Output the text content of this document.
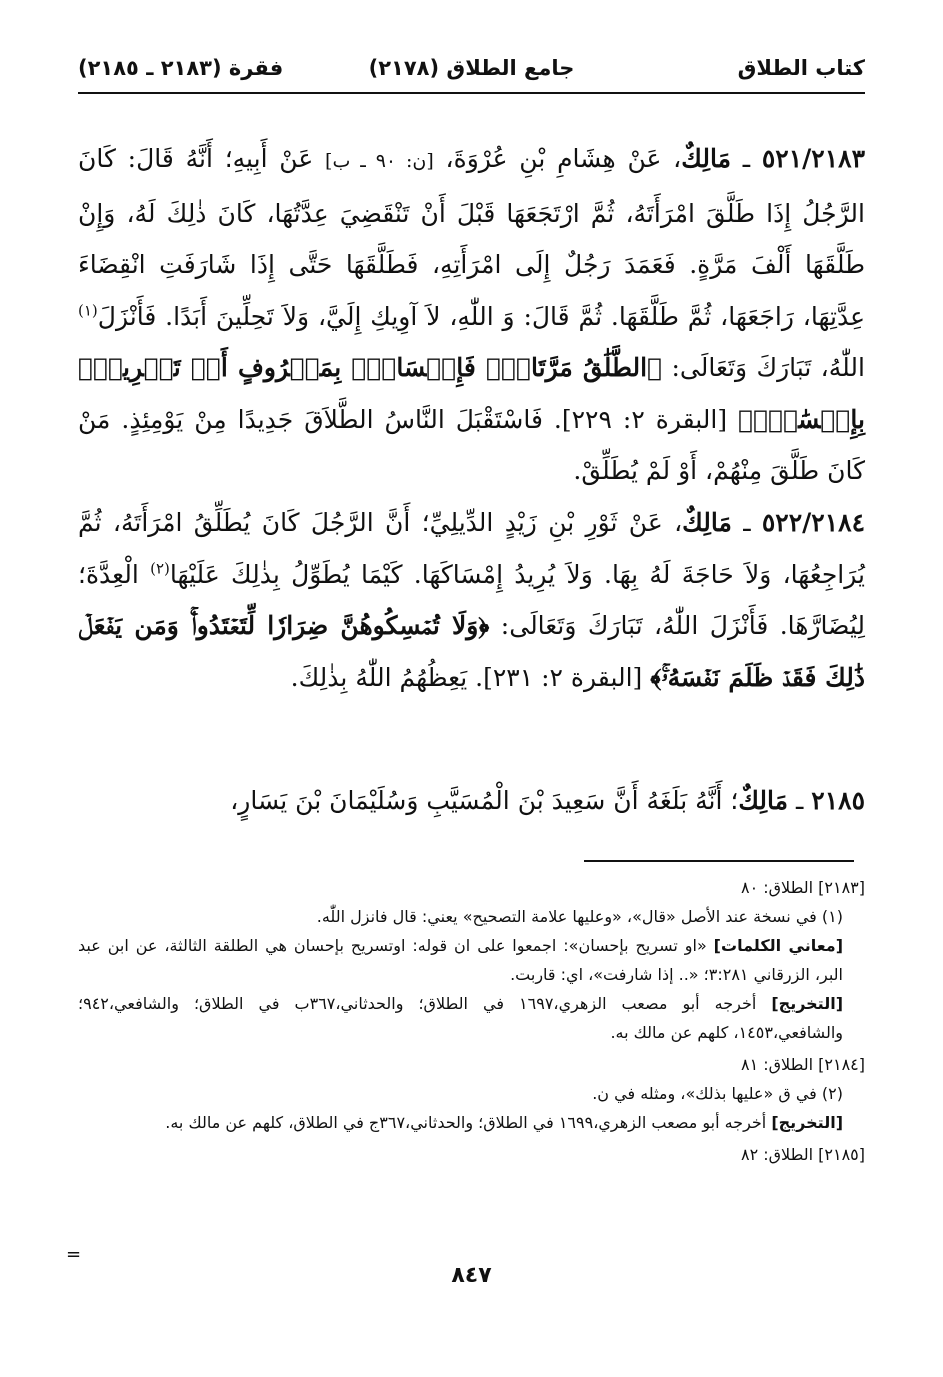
كتاب الطلاق
(٢١٧٨) جامع الطلاق
(٢١٨٣ ـ ٢١٨٥) فقرة

٥٢١/٢١٨٣ ـ مَالِكٌ، عَنْ هِشَامِ بْنِ عُرْوَةَ، [ن: ٩٠ ـ ب] عَنْ أَبِيهِ؛ أَنَّهُ قَالَ: كَانَ الرَّجُلُ إِذَا طَلَّقَ امْرَأَتَهُ، ثُمَّ ارْتَجَعَهَا قَبْلَ أَنْ تَنْقَضِيَ عِدَّتُهَا، كَانَ ذٰلِكَ لَهُ، وَإِنْ طَلَّقَهَا أَلْفَ مَرَّةٍ. فَعَمَدَ رَجُلٌ إِلَى امْرَأَتِهِ، فَطَلَّقَهَا حَتَّى إِذَا شَارَفَتِ انْقِضَاءَ عِدَّتِهَا، رَاجَعَهَا، ثُمَّ طَلَّقَهَا. ثُمَّ قَالَ: وَ اللّٰهِ، لاَ آوِيكِ إِلَيَّ، وَلاَ تَحِلِّينَ أَبَدًا. فَأَنْزَلَ$^{(١)}$ اللّٰهُ، تَبَارَكَ وَتَعَالَى: ﴿الطَّلَٰقُ مَرَّتَانِۖ فَإِمۡسَاكُۢ بِمَعۡرُوفٍ أَوۡ تَسۡرِيحُۢ بِإِحۡسَٰنٖۗ﴾ [البقرة ٢: ٢٢٩]. فَاسْتَقْبَلَ النَّاسُ الطَّلاَقَ جَدِيدًا مِنْ يَوْمِئِذٍ. مَنْ كَانَ طَلَّقَ مِنْهُمْ، أَوْ لَمْ يُطَلِّقْ.

٥٢٢/٢١٨٤ ـ مَالِكٌ، عَنْ ثَوْرِ بْنِ زَيْدٍ الدِّيلِيِّ؛ أَنَّ الرَّجُلَ كَانَ يُطَلِّقُ امْرَأَتَهُ، ثُمَّ يُرَاجِعُهَا، وَلاَ حَاجَةَ لَهُ بِهَا. وَلاَ يُرِيدُ إِمْسَاكَهَا. كَيْمَا يُطَوِّلُ بِذٰلِكَ عَلَيْهَا$^{(٢)}$ الْعِدَّةَ؛ لِيُضَارَّهَا. فَأَنْزَلَ اللّٰهُ، تَبَارَكَ وَتَعَالَى: ﴿وَلَا تُمۡسِكُوهُنَّ ضِرَارٗا لِّتَعۡتَدُواْۚ وَمَن يَفۡعَلۡ ذَٰلِكَ فَقَدۡ ظَلَمَ نَفۡسَهُۥۚ﴾ [البقرة ٢: ٢٣١]. يَعِظُهُمُ اللّٰهُ بِذٰلِكَ.

٢١٨٥ ـ مَالِكٌ؛ أَنَّهُ بَلَغَهُ أَنَّ سَعِيدَ بْنَ الْمُسَيَّبِ وَسُلَيْمَانَ بْنَ يَسَارٍ،

[٢١٨٣] الطلاق: ٨٠
(١) في نسخة عند الأصل «قال»، «وعليها علامة التصحيح» يعني: قال فانزل اللّٰه.
[معاني الكلمات] «او تسريح بإحسان»: اجمعوا على ان قوله: اوتسريح بإحسان هي الطلقة الثالثة، عن ابن عبد البر، الزرقاني ٣:٢٨١؛ «.. إذا شارفت»، اي: قاربت.
[التخريج] أخرجه أبو مصعب الزهري،١٦٩٧ في الطلاق؛ والحدثاني،٣٦٧ب في الطلاق؛ والشافعي،٩٤٢؛ والشافعي،١٤٥٣، كلهم عن مالك به.
[٢١٨٤] الطلاق: ٨١
(٢) في ق «عليها بذلك»، ومثله في ن.
[التخريج] أخرجه أبو مصعب الزهري،١٦٩٩ في الطلاق؛ والحدثاني،٣٦٧ج في الطلاق، كلهم عن مالك به.
[٢١٨٥] الطلاق: ٨٢
=
٨٤٧
